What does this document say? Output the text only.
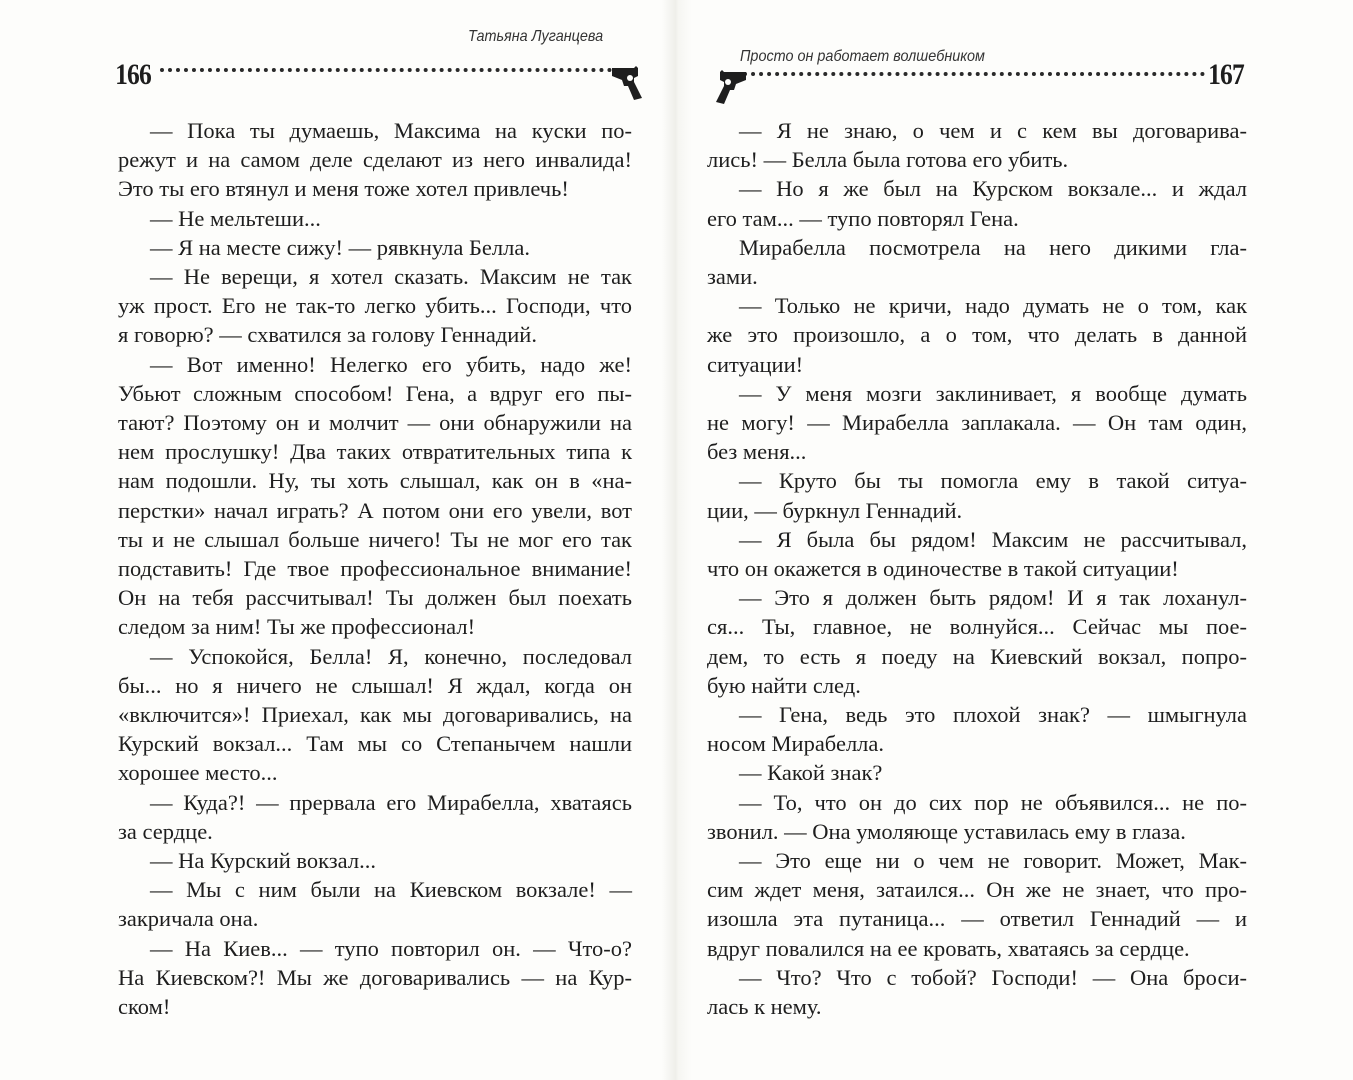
166
Татьяна Луганцева
— Пока ты думаешь, Максима на куски по-
режут и на самом деле сделают из него инвалида!
Это ты его втянул и меня тоже хотел привлечь!
— Не мельтеши...
— Я на месте сижу! — рявкнула Белла.
— Не верещи, я хотел сказать. Максим не так
уж прост. Его не так-то легко убить... Господи, что
я говорю? — схватился за голову Геннадий.
— Вот именно! Нелегко его убить, надо же!
Убьют сложным способом! Гена, а вдруг его пы-
тают? Поэтому он и молчит — они обнаружили на
нем прослушку! Два таких отвратительных типа к
нам подошли. Ну, ты хоть слышал, как он в «на-
перстки» начал играть? А потом они его увели, вот
ты и не слышал больше ничего! Ты не мог его так
подставить! Где твое профессиональное внимание!
Он на тебя рассчитывал! Ты должен был поехать
следом за ним! Ты же профессионал!
— Успокойся, Белла! Я, конечно, последовал
бы... но я ничего не слышал! Я ждал, когда он
«включится»! Приехал, как мы договаривались, на
Курский вокзал... Там мы со Степанычем нашли
хорошее место...
— Куда?! — прервала его Мирабелла, хватаясь
за сердце.
— На Курский вокзал...
— Мы с ним были на Киевском вокзале! —
закричала она.
— На Киев... — тупо повторил он. — Что-о?
На Киевском?! Мы же договаривались — на Кур-
ском!
167
Просто он работает волшебником
— Я не знаю, о чем и с кем вы договарива-
лись! — Белла была готова его убить.
— Но я же был на Курском вокзале... и ждал
его там... — тупо повторял Гена.
Мирабелла посмотрела на него дикими гла-
зами.
— Только не кричи, надо думать не о том, как
же это произошло, а о том, что делать в данной
ситуации!
— У меня мозги заклинивает, я вообще думать
не могу! — Мирабелла заплакала. — Он там один,
без меня...
— Круто бы ты помогла ему в такой ситуа-
ции, — буркнул Геннадий.
— Я была бы рядом! Максим не рассчитывал,
что он окажется в одиночестве в такой ситуации!
— Это я должен быть рядом! И я так лоханул-
ся... Ты, главное, не волнуйся... Сейчас мы пое-
дем, то есть я поеду на Киевский вокзал, попро-
бую найти след.
— Гена, ведь это плохой знак? — шмыгнула
носом Мирабелла.
— Какой знак?
— То, что он до сих пор не объявился... не по-
звонил. — Она умоляюще уставилась ему в глаза.
— Это еще ни о чем не говорит. Может, Мак-
сим ждет меня, затаился... Он же не знает, что про-
изошла эта путаница... — ответил Геннадий — и
вдруг повалился на ее кровать, хватаясь за сердце.
— Что? Что с тобой? Господи! — Она броси-
лась к нему.
